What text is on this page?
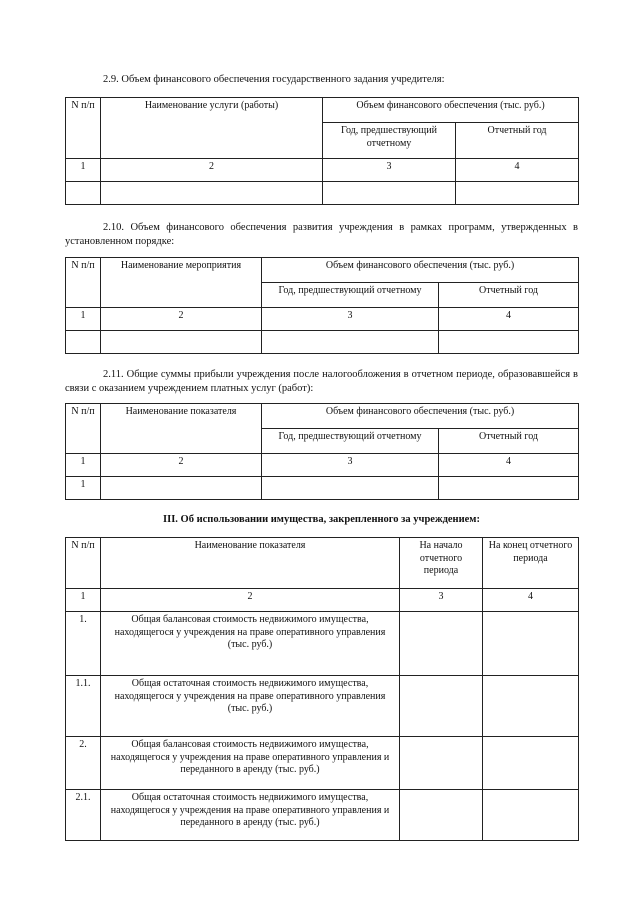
2.9. Объем финансового обеспечения государственного задания учредителя:

N п/п	Наименование услуги (работы)	Объем финансового обеспечения (тыс. руб.)	
		Год, предшествующий отчетному	Отчетный год
1	2	3	4

2.10. Объем финансового обеспечения развития учреждения в рамках программ, утвержденных в установленном порядке:

N п/п	Наименование мероприятия	Объем финансового обеспечения (тыс. руб.)	
		Год, предшествующий отчетному	Отчетный год
1	2	3	4

2.11. Общие суммы прибыли учреждения после налогообложения в отчетном периоде, образовавшейся в связи с оказанием учреждением платных услуг (работ):

N п/п	Наименование показателя	Объем финансового обеспечения (тыс. руб.)	
		Год, предшествующий отчетному	Отчетный год
1	2	3	4
1			

III. Об использовании имущества, закрепленного за учреждением:

N п/п	Наименование показателя	На начало отчетного периода	На конец отчетного периода
1	2	3	4
1.	Общая балансовая стоимость недвижимого имущества, находящегося у учреждения на праве оперативного управления (тыс. руб.)		
1.1.	Общая остаточная стоимость недвижимого имущества, находящегося у учреждения на праве оперативного управления (тыс. руб.)		
2.	Общая балансовая стоимость недвижимого имущества, находящегося у учреждения на праве оперативного управления и переданного в аренду (тыс. руб.)		
2.1.	Общая остаточная стоимость недвижимого имущества, находящегося у учреждения на праве оперативного управления и переданного в аренду (тыс. руб.)		
